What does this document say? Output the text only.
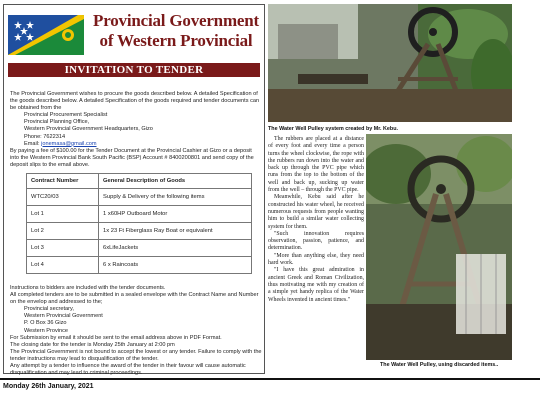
Provincial Government
of Western Provincial
INVITATION TO TENDER

The Provincial Government wishes to procure the goods described below. A detailed Specification of the goods described below. A detailed Specification of the goods required and tender documents can be obtained from the

Provincial Procurement Specialist
Provincial Planning Office,
Western Provincial Government Headquarters, Gizo
Phone: 7622314
Email: jonemasa@gmail.com

By paying a fee of $100.00 for the Tender Document at the Provincial Cashier at Gizo or a deposit into the Western Provincial Bank South Pacific (BSP) Account # 8400200801 and send copy of the deposit slips to the email above.

Contract Number	General Description of Goods
WTC20/03	Supply & Delivery of the following items
Lot 1	1 x60HP Outboard Motor
Lot 2	1x 23 Ft Fiberglass Ray Boat or equivalent
Lot 3	6xLifeJackets
Lot 4	6 x Raincoats

Instructions to bidders are included with the tender documents.

All completed tenders are to be submitted in a sealed envelope with the Contract Name and Number on the envelop and addressed to the;

Provincial secretary,
Western Provincial Government
P. O Box 36 Gizo
Western Province

For Submission by email it should be sent to the email address above in PDF Format.

The closing date for the tender is Monday 25th January at 2:00 pm

The Provincial Government is not bound to accept the lowest or any tender. Failure to comply with the tender instructions may lead to disqualification of the tender.

Any attempt by a tender to influence the award of the tender in their favour will cause automatic disqualification and may lead to criminal proceedings.

The Water Well Pulley system created by Mr. Kebu.

The rubbers are placed at a distance of every foot and every time a person turns the wheel clockwise, the rope with the rubbers run down into the water and back up through the PVC pipe which runs from the top to the bottom of the well and back up, sucking up water from the well – through the PVC pipe.

Meanwhile, Kebu said after he constructed his water wheel, he received numerous requests from people wanting him to build a similar water collecting system for them.

"Such innovation requires observation, passion, patience, and determination.

"More than anything else, they need hard work.

"I have this great admiration in ancient Greek and Roman Civilization, thus motivating me with my creation of a simple yet handy replica of the Water Wheels invented in ancient times."

The Water Well Pulley, using discarded items..
Monday 26th January, 2021
